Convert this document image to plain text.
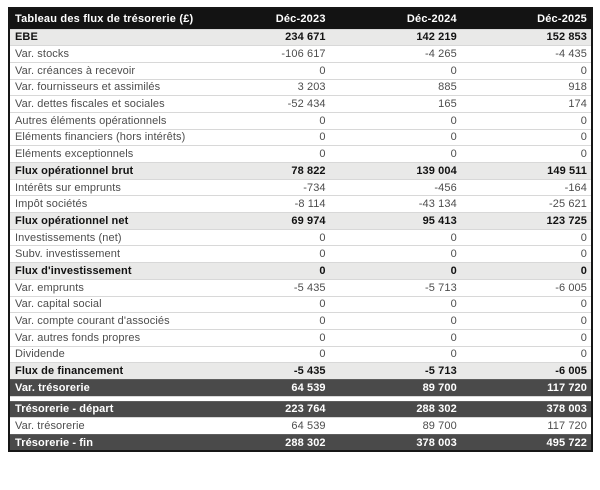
Tableau des flux de trésorerie (£)	Déc-2023	Déc-2024	Déc-2025
EBE	234 671	142 219	152 853
Var. stocks	-106 617	-4 265	-4 435
Var. créances à recevoir	0	0	0
Var. fournisseurs et assimilés	3 203	885	918
Var. dettes fiscales et sociales	-52 434	165	174
Autres éléments opérationnels	0	0	0
Eléments financiers (hors intérêts)	0	0	0
Eléments exceptionnels	0	0	0
Flux opérationnel brut	78 822	139 004	149 511
Intérêts sur emprunts	-734	-456	-164
Impôt sociétés	-8 114	-43 134	-25 621
Flux opérationnel net	69 974	95 413	123 725
Investissements (net)	0	0	0
Subv. investissement	0	0	0
Flux d'investissement	0	0	0
Var. emprunts	-5 435	-5 713	-6 005
Var. capital social	0	0	0
Var. compte courant d'associés	0	0	0
Var. autres fonds propres	0	0	0
Dividende	0	0	0
Flux de financement	-5 435	-5 713	-6 005
Var. trésorerie	64 539	89 700	117 720

Trésorerie - départ	223 764	288 302	378 003
Var. trésorerie	64 539	89 700	117 720
Trésorerie - fin	288 302	378 003	495 722
